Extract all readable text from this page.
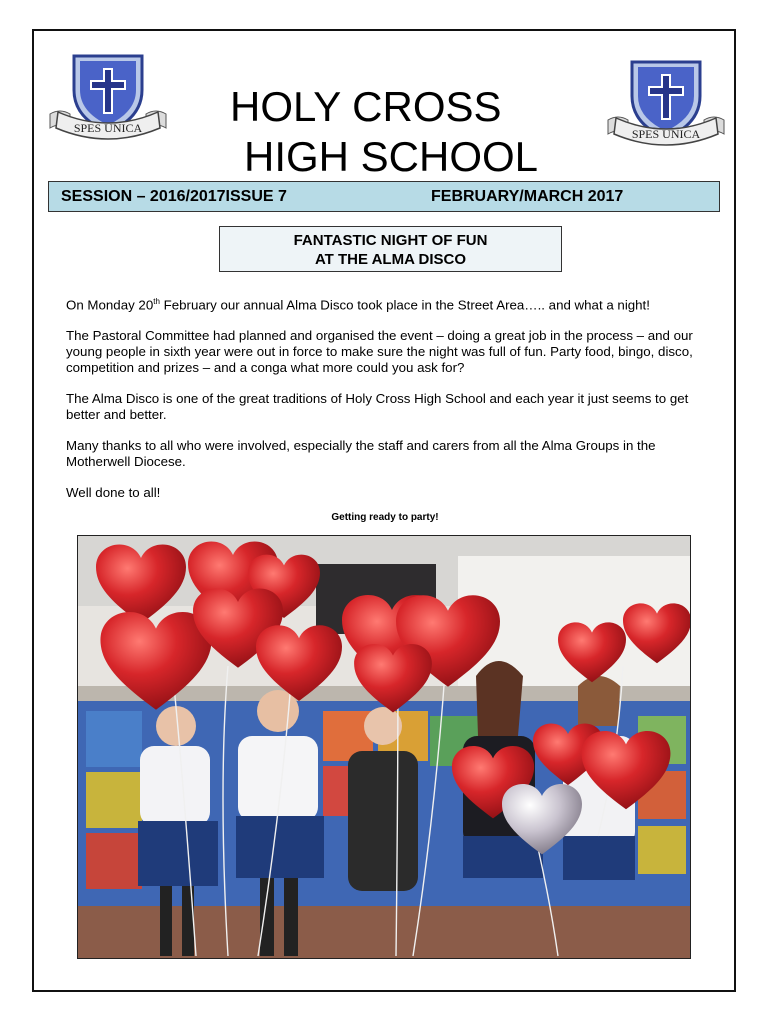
SPES UNICA	SPES UNICA
HOLY CROSS
HIGH SCHOOL
SESSION – 2016/2017ISSUE 7	FEBRUARY/MARCH 2017
FANTASTIC NIGHT OF FUN
AT THE ALMA DISCO

On Monday 20th February our annual Alma Disco took place in the Street Area….. and what a night!

The Pastoral Committee had planned and organised the event – doing a great job in the process – and our young people in sixth year were out in force to make sure the night was full of fun. Party food, bingo, disco, competition and prizes – and a conga what more could you ask for?

The Alma Disco is one of the great traditions of Holy Cross High School and each year it just seems to get better and better.

Many thanks to all who were involved, especially the staff and carers from all the Alma Groups in the Motherwell Diocese.

Well done to all!

Getting ready to party!
